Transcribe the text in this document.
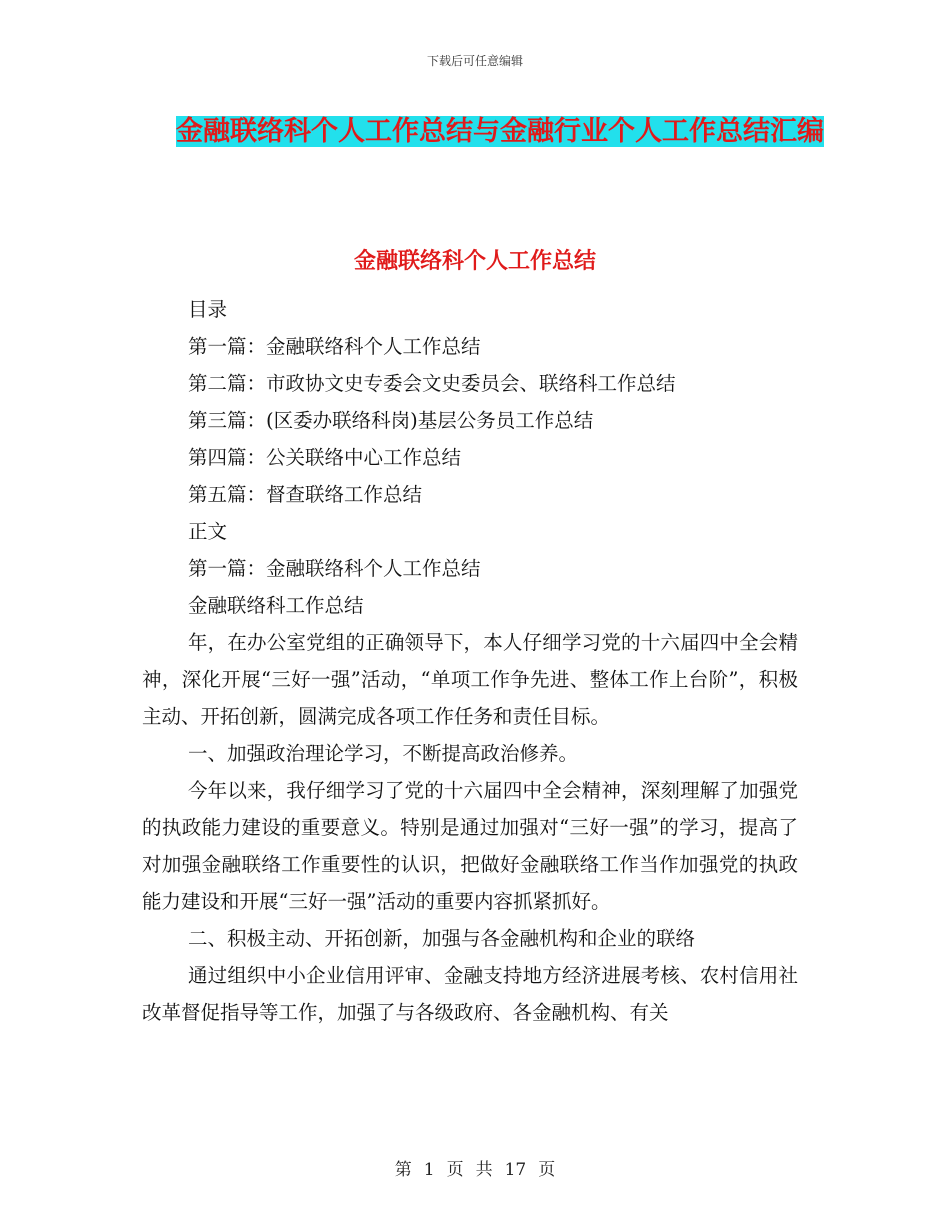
下载后可任意编辑
金融联络科个人工作总结与金融行业个人工作总结汇编
金融联络科个人工作总结

目录

第一篇：金融联络科个人工作总结

第二篇：市政协文史专委会文史委员会、联络科工作总结

第三篇：(区委办联络科岗)基层公务员工作总结

第四篇：公关联络中心工作总结

第五篇：督查联络工作总结

正文

第一篇：金融联络科个人工作总结

金融联络科工作总结

年，在办公室党组的正确领导下，本人仔细学习党的十六届四中全会精神，深化开展“三好一强”活动，“单项工作争先进、整体工作上台阶”，积极主动、开拓创新，圆满完成各项工作任务和责任目标。

一、加强政治理论学习，不断提高政治修养。

今年以来，我仔细学习了党的十六届四中全会精神，深刻理解了加强党的执政能力建设的重要意义。特别是通过加强对“三好一强”的学习，提高了对加强金融联络工作重要性的认识，把做好金融联络工作当作加强党的执政能力建设和开展“三好一强”活动的重要内容抓紧抓好。

二、积极主动、开拓创新，加强与各金融机构和企业的联络

通过组织中小企业信用评审、金融支持地方经济进展考核、农村信用社改革督促指导等工作，加强了与各级政府、各金融机构、有关

第 1 页 共 17 页
